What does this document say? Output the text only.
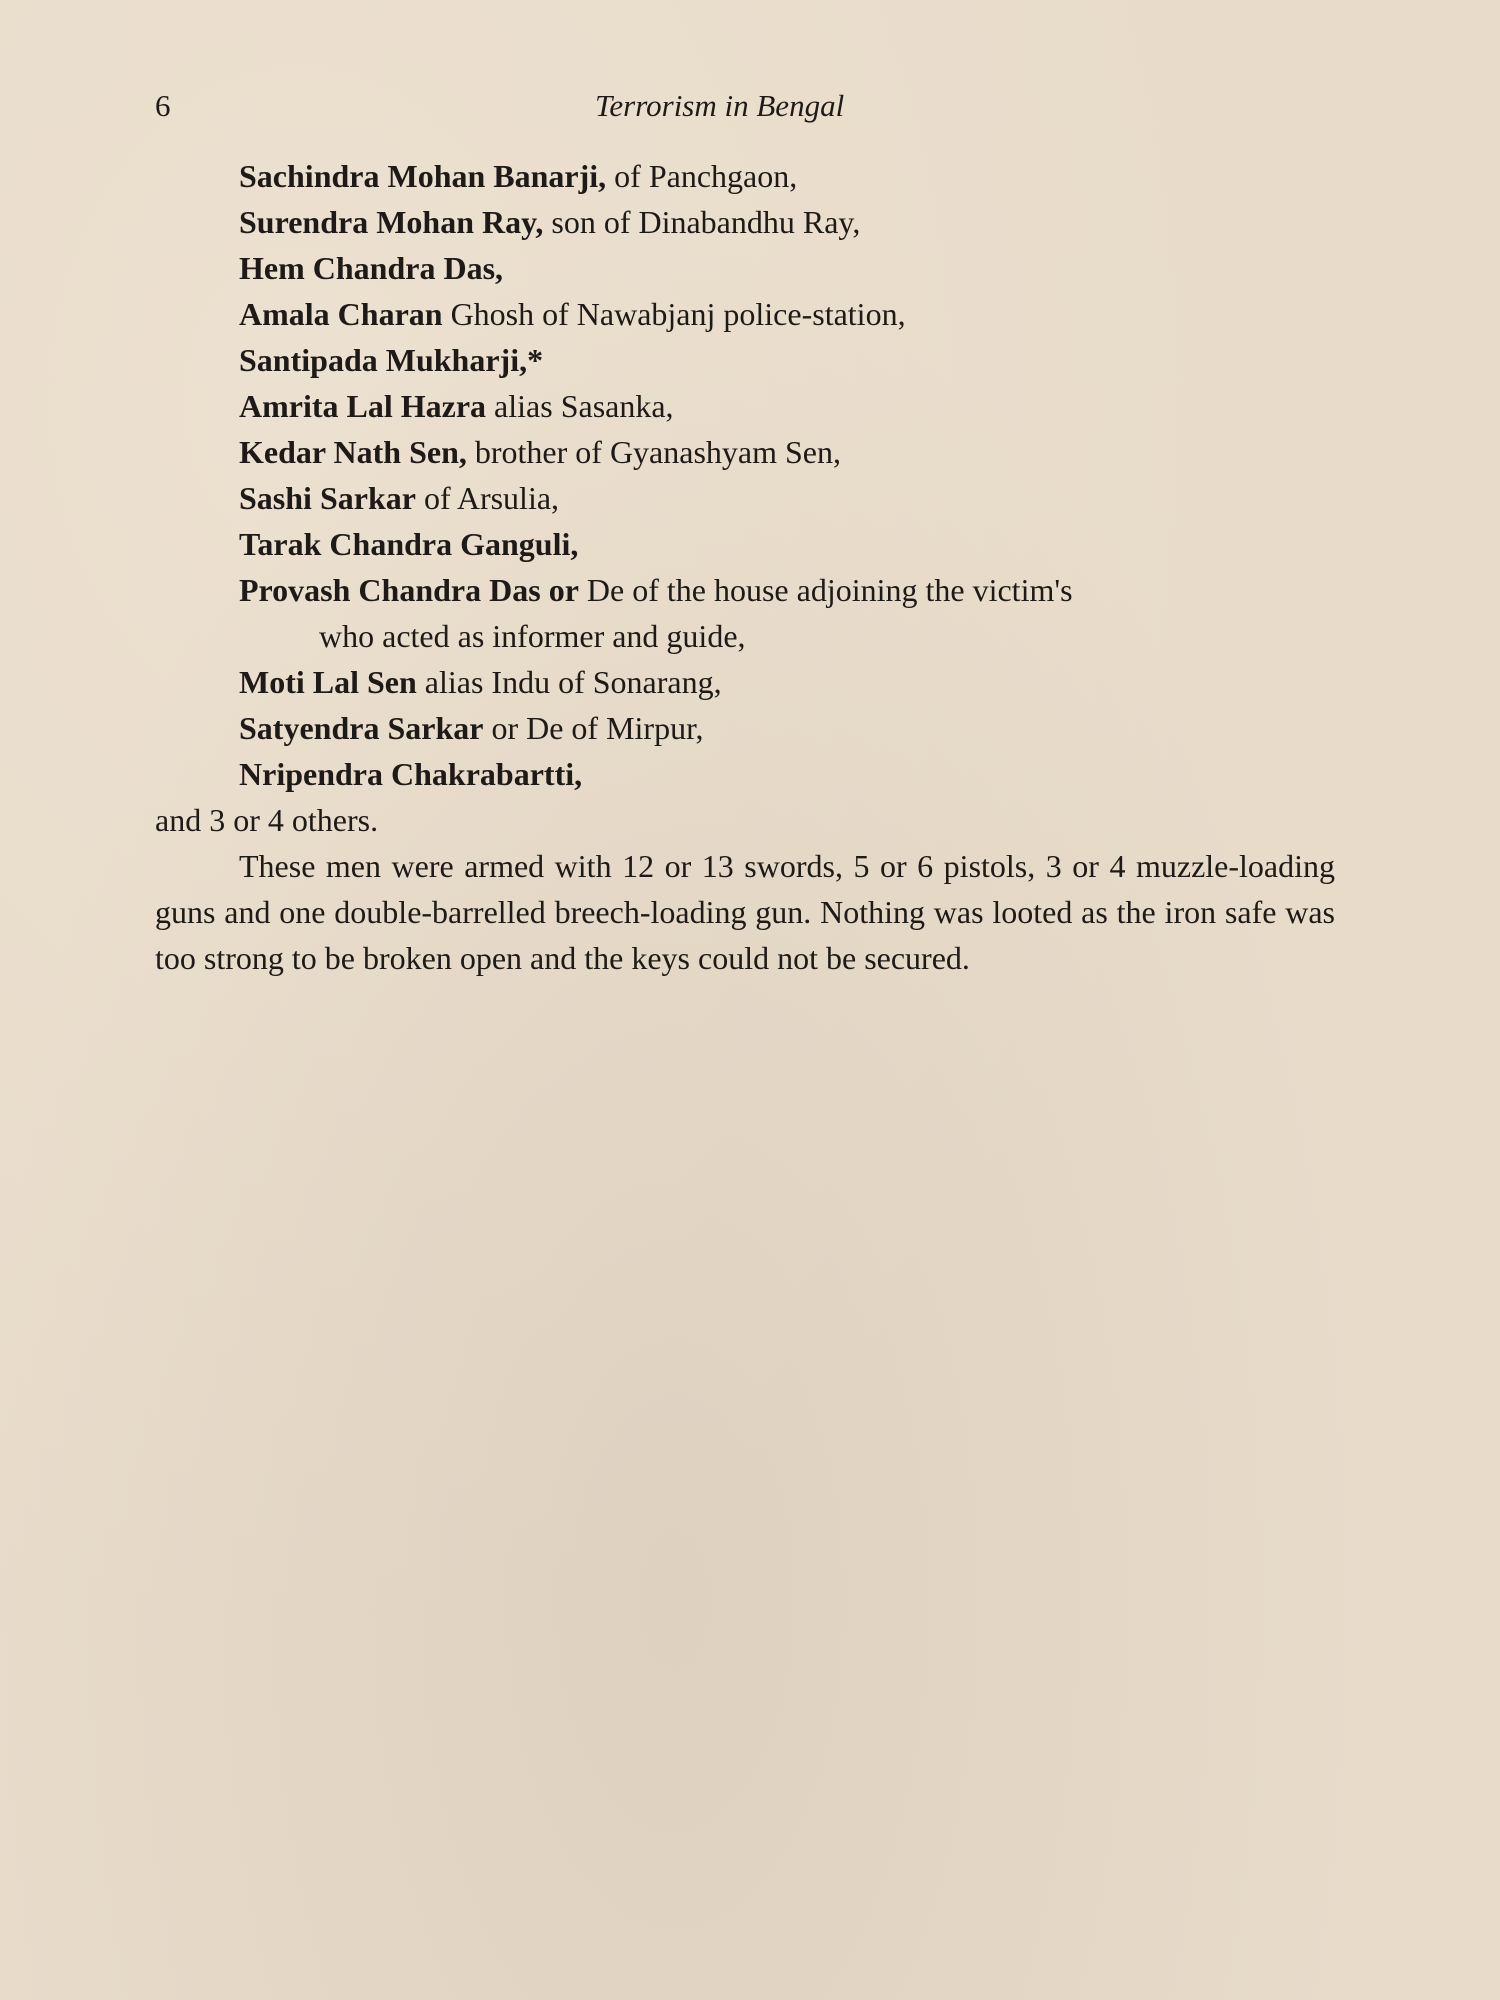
6	Terrorism in Bengal
Sachindra Mohan Banarji, of Panchgaon,
Surendra Mohan Ray, son of Dinabandhu Ray,
Hem Chandra Das,
Amala Charan Ghosh of Nawabjanj police-station,
Santipada Mukharji,*
Amrita Lal Hazra alias Sasanka,
Kedar Nath Sen, brother of Gyanashyam Sen,
Sashi Sarkar of Arsulia,
Tarak Chandra Ganguli,
Provash Chandra Das or De of the house adjoining the victim's
who acted as informer and guide,
Moti Lal Sen alias Indu of Sonarang,
Satyendra Sarkar or De of Mirpur,
Nripendra Chakrabartti,
and 3 or 4 others.

These men were armed with 12 or 13 swords, 5 or 6 pistols, 3 or 4 muzzle-loading guns and one double-barrelled breech-loading gun. Nothing was looted as the iron safe was too strong to be broken open and the keys could not be secured.
